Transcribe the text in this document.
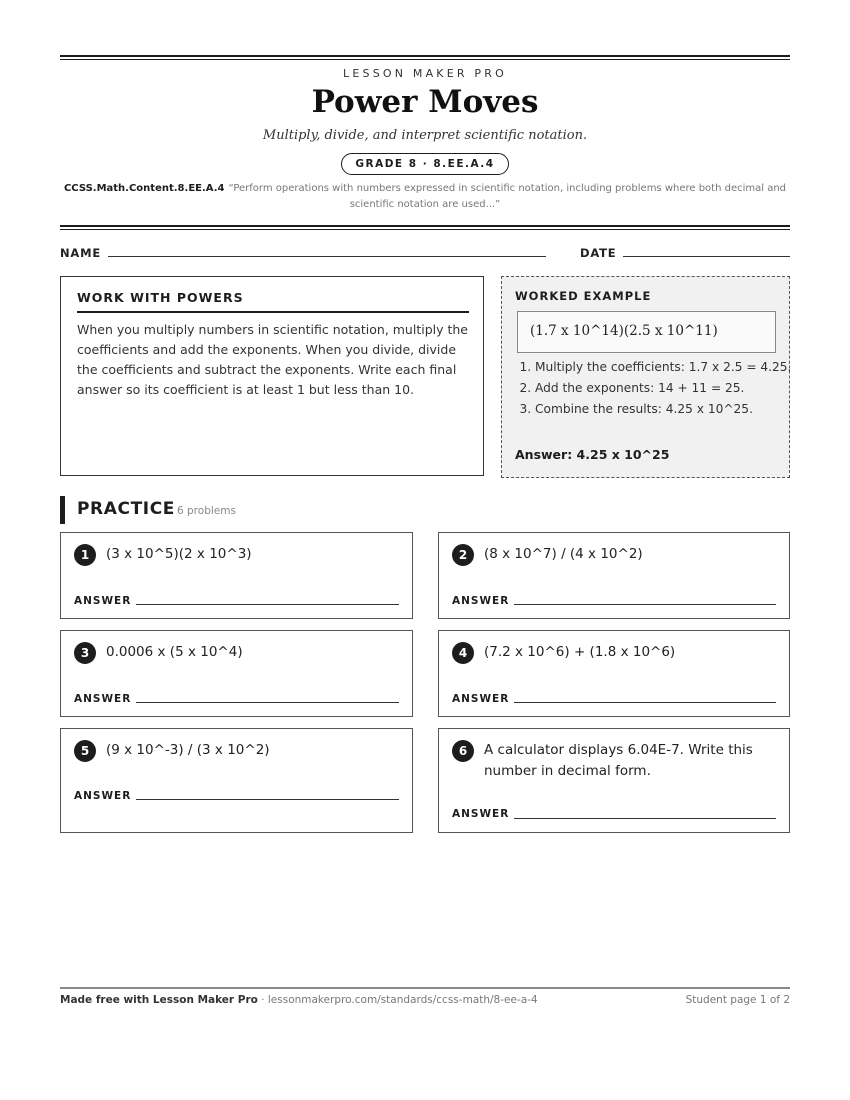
LESSON MAKER PRO
Power Moves
Multiply, divide, and interpret scientific notation.
GRADE 8 · 8.EE.A.4
CCSS.Math.Content.8.EE.A.4 “Perform operations with numbers expressed in scientific notation, including problems where both decimal and scientific notation are used...”
NAME	DATE
WORK WITH POWERS
When you multiply numbers in scientific notation, multiply the coefficients and add the exponents. When you divide, divide the coefficients and subtract the exponents. Write each final answer so its coefficient is at least 1 but less than 10.
WORKED EXAMPLE
(1.7 x 10^14)(2.5 x 10^11)
1. Multiply the coefficients: 1.7 x 2.5 = 4.25.
2. Add the exponents: 14 + 11 = 25.
3. Combine the results: 4.25 x 10^25.
Answer: 4.25 x 10^25
PRACTICE 6 problems
1	(3 x 10^5)(2 x 10^3)
ANSWER
2	(8 x 10^7) / (4 x 10^2)
ANSWER
3	0.0006 x (5 x 10^4)
ANSWER
4	(7.2 x 10^6) + (1.8 x 10^6)
ANSWER
5	(9 x 10^-3) / (3 x 10^2)
ANSWER
6	A calculator displays 6.04E-7. Write this number in decimal form.
ANSWER
Made free with Lesson Maker Pro · lessonmakerpro.com/standards/ccss-math/8-ee-a-4	Student page 1 of 2
